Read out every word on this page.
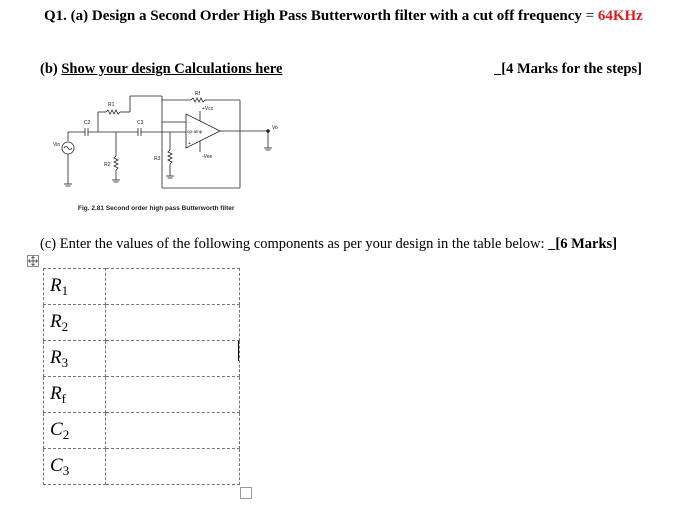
Q1. (a) Design a Second Order High Pass Butterworth filter with a cut off frequency = 64KHz
(b) Show your design Calculations here	[4 Marks for the steps]
Rf
R1
R2
R3
C2	C3
op-amp
+Vcc
-Vee
Vin
Vo
-
+
Fig. 2.81 Second order high pass Butterworth filter
(c) Enter the values of the following components as per your design in the table below:   [6 Marks]
$R_1$	
$R_2$	
$R_3$	
$R_f$	
$C_2$	
$C_3$	
